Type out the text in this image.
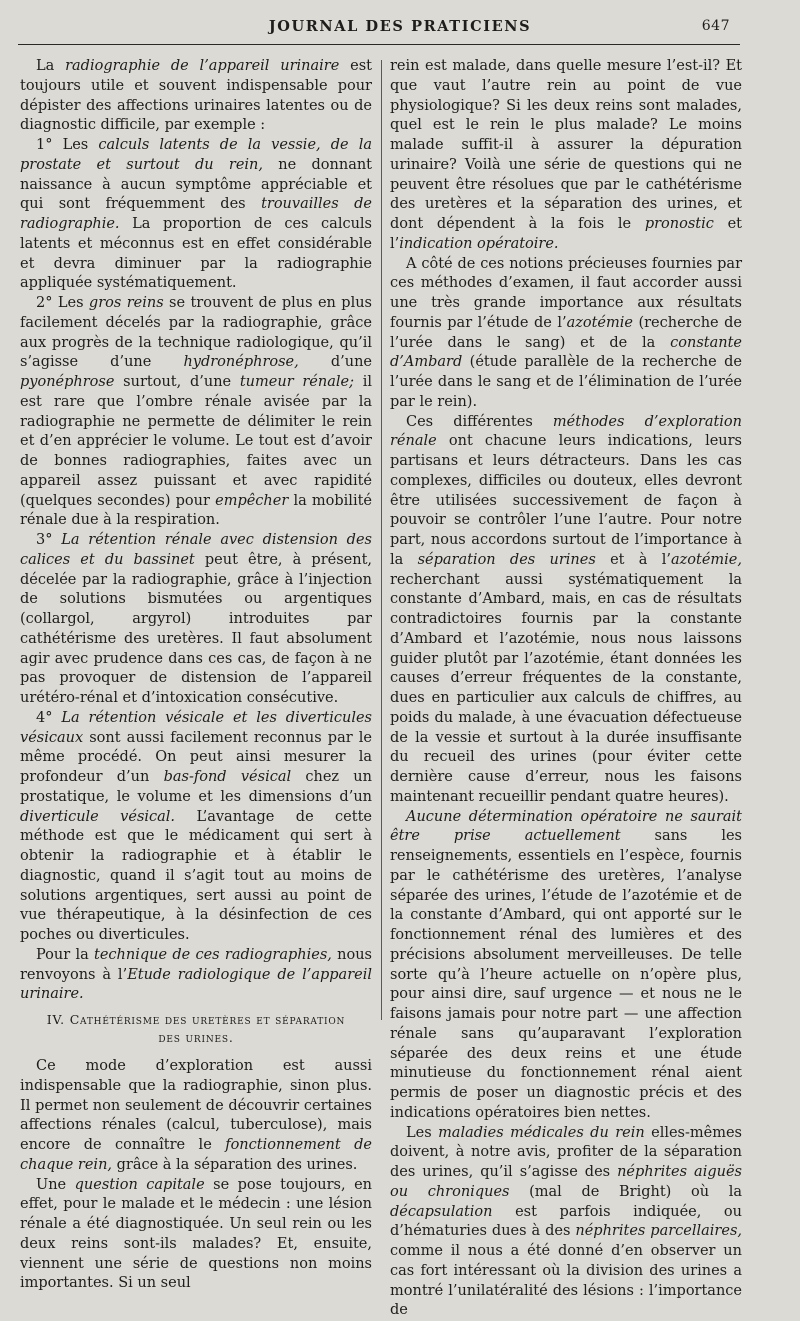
JOURNAL DES PRATICIENS	647

La radiographie de l’appareil urinaire est toujours utile et souvent indispensable pour dépister des affections urinaires latentes ou de diagnostic difficile, par exemple :

1° Les calculs latents de la vessie, de la prostate et surtout du rein, ne donnant naissance à aucun symptôme appréciable et qui sont fréquemment des trouvailles de radiographie. La proportion de ces calculs latents et méconnus est en effet considérable et devra diminuer par la radiographie appliquée systématiquement.

2° Les gros reins se trouvent de plus en plus facilement décelés par la radiographie, grâce aux progrès de la technique radiologique, qu’il s’agisse d’une hydronéphrose, d’une pyonéphrose surtout, d’une tumeur rénale; il est rare que l’ombre rénale avisée par la radiographie ne permette de délimiter le rein et d’en apprécier le volume. Le tout est d’avoir de bonnes radiographies, faites avec un appareil assez puissant et avec rapidité (quelques secondes) pour empêcher la mobilité rénale due à la respiration.

3° La rétention rénale avec distension des calices et du bassinet peut être, à présent, décelée par la radiographie, grâce à l’injection de solutions bismutées ou argentiques (collargol, argyrol) introduites par cathétérisme des uretères. Il faut absolument agir avec prudence dans ces cas, de façon à ne pas provoquer de distension de l’appareil urétéro-rénal et d’intoxication consécutive.

4° La rétention vésicale et les diverticules vésicaux sont aussi facilement reconnus par le même procédé. On peut ainsi mesurer la profondeur d’un bas-fond vésical chez un prostatique, le volume et les dimensions d’un diverticule vésical. L’avantage de cette méthode est que le médicament qui sert à obtenir la radiographie et à établir le diagnostic, quand il s’agit tout au moins de solutions argentiques, sert aussi au point de vue thérapeutique, à la désinfection de ces poches ou diverticules.

Pour la technique de ces radiographies, nous renvoyons à l’Etude radiologique de l’appareil urinaire.

IV. Cathétérisme des uretères et séparation
des urines.

Ce mode d’exploration est aussi indispensable que la radiographie, sinon plus. Il permet non seulement de découvrir certaines affections rénales (calcul, tuberculose), mais encore de connaître le fonctionnement de chaque rein, grâce à la séparation des urines.

Une question capitale se pose toujours, en effet, pour le malade et le médecin : une lésion rénale a été diagnostiquée. Un seul rein ou les deux reins sont-ils malades? Et, ensuite, viennent une série de questions non moins importantes. Si un seul

rein est malade, dans quelle mesure l’est-il? Et que vaut l’autre rein au point de vue physiologique? Si les deux reins sont malades, quel est le rein le plus malade? Le moins malade suffit-il à assurer la dépuration urinaire? Voilà une série de questions qui ne peuvent être résolues que par le cathétérisme des uretères et la séparation des urines, et dont dépendent à la fois le pronostic et l’indication opératoire.

A côté de ces notions précieuses fournies par ces méthodes d’examen, il faut accorder aussi une très grande importance aux résultats fournis par l’étude de l’azotémie (recherche de l’urée dans le sang) et de la constante d’Ambard (étude parallèle de la recherche de l’urée dans le sang et de l’élimination de l’urée par le rein).

Ces différentes méthodes d’exploration rénale ont chacune leurs indications, leurs partisans et leurs détracteurs. Dans les cas complexes, difficiles ou douteux, elles devront être utilisées successivement de façon à pouvoir se contrôler l’une l’autre. Pour notre part, nous accordons surtout de l’importance à la séparation des urines et à l’azotémie, recherchant aussi systématiquement la constante d’Ambard, mais, en cas de résultats contradictoires fournis par la constante d’Ambard et l’azotémie, nous nous laissons guider plutôt par l’azotémie, étant données les causes d’erreur fréquentes de la constante, dues en particulier aux calculs de chiffres, au poids du malade, à une évacuation défectueuse de la vessie et surtout à la durée insuffisante du recueil des urines (pour éviter cette dernière cause d’erreur, nous les faisons maintenant recueillir pendant quatre heures).

Aucune détermination opératoire ne saurait être prise actuellement sans les renseignements, essentiels en l’espèce, fournis par le cathétérisme des uretères, l’analyse séparée des urines, l’étude de l’azotémie et de la constante d’Ambard, qui ont apporté sur le fonctionnement rénal des lumières et des précisions absolument merveilleuses. De telle sorte qu’à l’heure actuelle on n’opère plus, pour ainsi dire, sauf urgence — et nous ne le faisons jamais pour notre part — une affection rénale sans qu’auparavant l’exploration séparée des deux reins et une étude minutieuse du fonctionnement rénal aient permis de poser un diagnostic précis et des indications opératoires bien nettes.

Les maladies médicales du rein elles-mêmes doivent, à notre avis, profiter de la séparation des urines, qu’il s’agisse des néphrites aiguës ou chroniques (mal de Bright) où la décapsulation est parfois indiquée, ou d’hématuries dues à des néphrites parcellaires, comme il nous a été donné d’en observer un cas fort intéressant où la division des urines a montré l’unilatéralité des lésions : l’importance de
